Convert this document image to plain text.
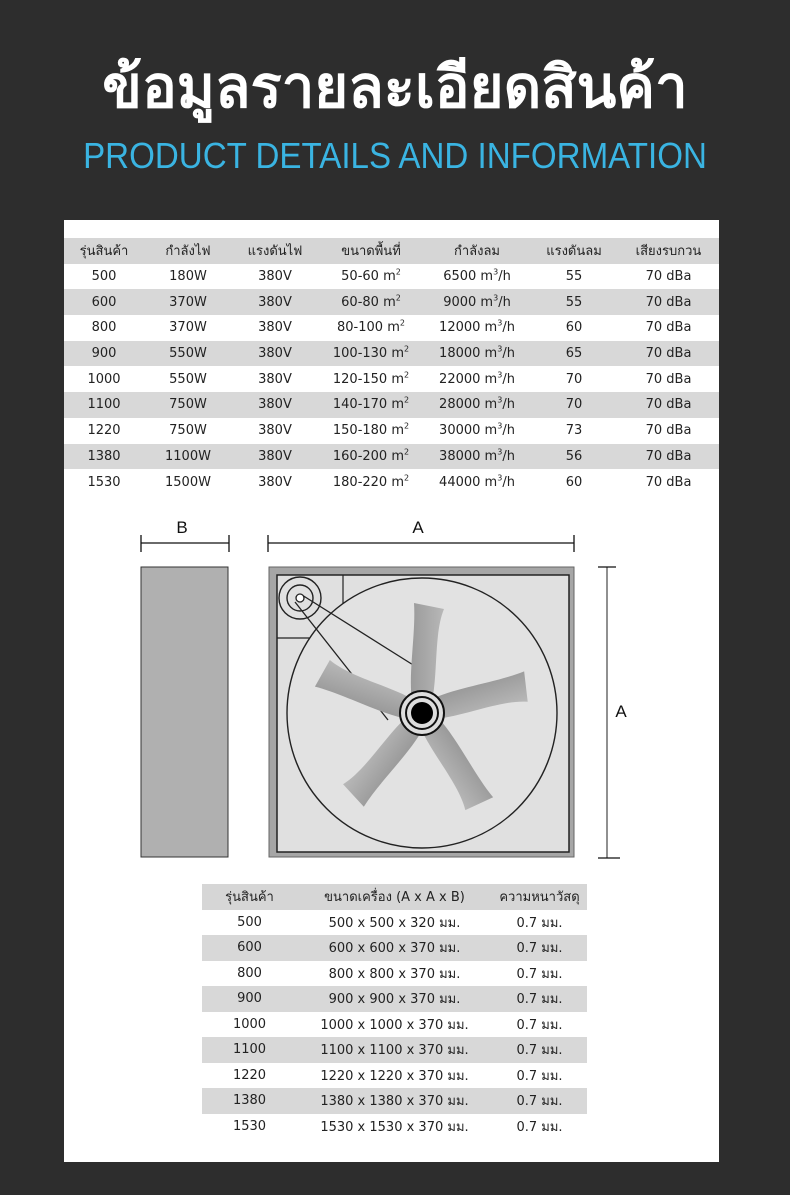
ข้อมูลรายละเอียดสินค้า
PRODUCT DETAILS AND INFORMATION
รุ่นสินค้า	กำลังไฟ	แรงดันไฟ	ขนาดพื้นที่	กำลังลม	แรงดันลม	เสียงรบกวน
500	180W	380V	50-60 $m^2$	6500 $m^3/h$	55	70 dBa
600	370W	380V	60-80 $m^2$	9000 $m^3/h$	55	70 dBa
800	370W	380V	80-100 $m^2$	12000 $m^3/h$	60	70 dBa
900	550W	380V	100-130 $m^2$	18000 $m^3/h$	65	70 dBa
1000	550W	380V	120-150 $m^2$	22000 $m^3/h$	70	70 dBa
1100	750W	380V	140-170 $m^2$	28000 $m^3/h$	70	70 dBa
1220	750W	380V	150-180 $m^2$	30000 $m^3/h$	73	70 dBa
1380	1100W	380V	160-200 $m^2$	38000 $m^3/h$	56	70 dBa
1530	1500W	380V	180-220 $m^2$	44000 $m^3/h$	60	70 dBa
B	A
A
รุ่นสินค้า	ขนาดเครื่อง (A x A x B)	ความหนาวัสดุ
500	500 x 500 x 320 มม.	0.7 มม.
600	600 x 600 x 370 มม.	0.7 มม.
800	800 x 800 x 370 มม.	0.7 มม.
900	900 x 900 x 370 มม.	0.7 มม.
1000	1000 x 1000 x 370 มม.	0.7 มม.
1100	1100 x 1100 x 370 มม.	0.7 มม.
1220	1220 x 1220 x 370 มม.	0.7 มม.
1380	1380 x 1380 x 370 มม.	0.7 มม.
1530	1530 x 1530 x 370 มม.	0.7 มม.
